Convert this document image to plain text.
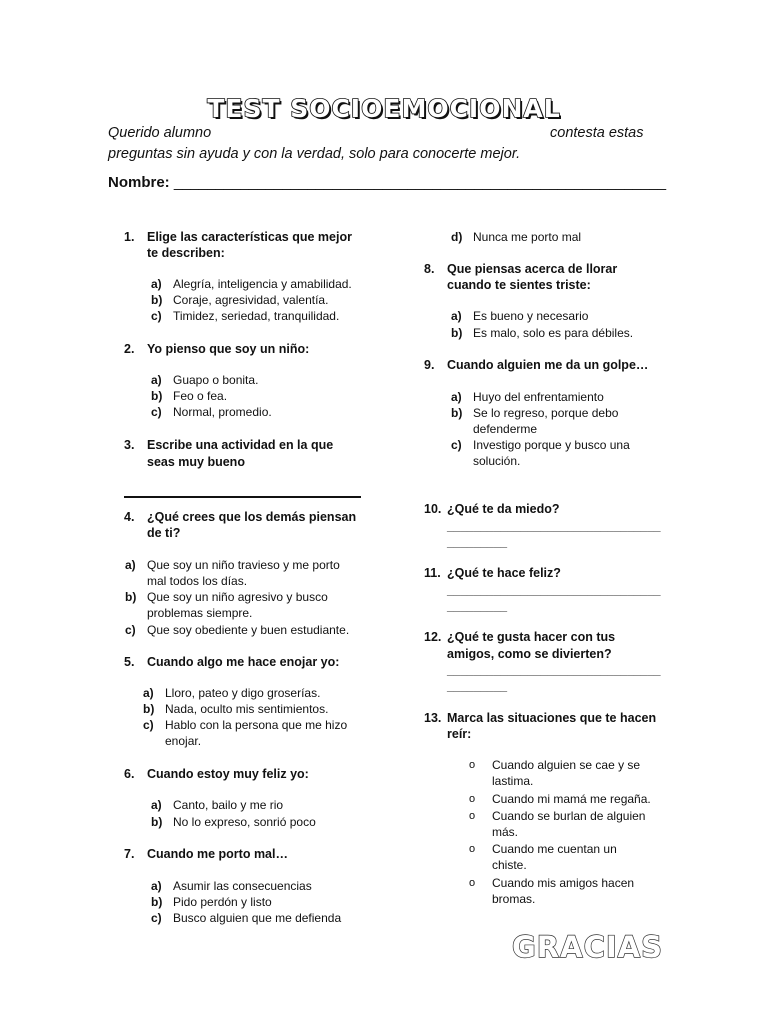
TEST SOCIOEMOCIONAL
Querido alumno	contesta estas
preguntas sin ayuda y con la verdad, solo para conocerte mejor.
Nombre: ___________________________________________________________
1. Elige las características que mejor
te describen:
a) Alegría, inteligencia y amabilidad.
b) Coraje, agresividad, valentía.
c) Timidez, seriedad, tranquilidad.
2. Yo pienso que soy un niño:
a) Guapo o bonita.
b) Feo o fea.
c) Normal, promedio.
3. Escribe una actividad en la que
seas muy bueno
4. ¿Qué crees que los demás piensan
de ti?
a) Que soy un niño travieso y me porto
mal todos los días.
b) Que soy un niño agresivo y busco
problemas siempre.
c) Que soy obediente y buen estudiante.
5. Cuando algo me hace enojar yo:
a) Lloro, pateo y digo groserías.
b) Nada, oculto mis sentimientos.
c) Hablo con la persona que me hizo
enojar.
6. Cuando estoy muy feliz yo:
a) Canto, bailo y me rio
b) No lo expreso, sonrió poco
7. Cuando me porto mal…
a) Asumir las consecuencias
b) Pido perdón y listo
c) Busco alguien que me defienda
d) Nunca me porto mal
8. Que piensas acerca de llorar
cuando te sientes triste:
a) Es bueno y necesario
b) Es malo, solo es para débiles.
9. Cuando alguien me da un golpe…
a) Huyo del enfrentamiento
b) Se lo regreso, porque debo
defenderme
c) Investigo porque y busco una
solución.
10. ¿Qué te da miedo?
________________________________
_________
11. ¿Qué te hace feliz?
________________________________
_________
12. ¿Qué te gusta hacer con tus
amigos, como se divierten?
________________________________
_________
13. Marca las situaciones que te hacen
reír:
o Cuando alguien se cae y se
lastima.
o Cuando mi mamá me regaña.
o Cuando se burlan de alguien
más.
o Cuando me cuentan un
chiste.
o Cuando mis amigos hacen
bromas.
GRACIAS
